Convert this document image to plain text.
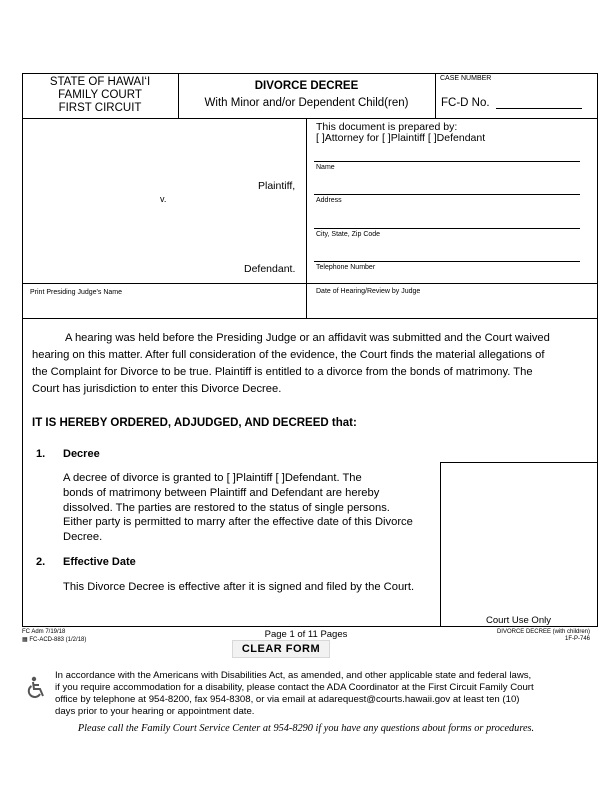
STATE OF HAWAI‘I
FAMILY COURT
FIRST CIRCUIT
DIVORCE DECREE
With Minor and/or Dependent Child(ren)
CASE NUMBER
FC-D No.
v.
Plaintiff,
Defendant.
This document is prepared by:
[ ]Attorney for [ ]Plaintiff [ ]Defendant
Name
Address
City, State, Zip Code
Telephone Number
Print Presiding Judge's Name	Date of Hearing/Review by Judge
A hearing was held before the Presiding Judge or an affidavit was submitted and the Court waived
hearing on this matter. After full consideration of the evidence, the Court finds the material allegations of
the Complaint for Divorce to be true. Plaintiff is entitled to a divorce from the bonds of matrimony. The
Court has jurisdiction to enter this Divorce Decree.
IT IS HEREBY ORDERED, ADJUDGED, AND DECREED that:
1. Decree
A decree of divorce is granted to [ ]Plaintiff [ ]Defendant. The
bonds of matrimony between Plaintiff and Defendant are hereby
dissolved. The parties are restored to the status of single persons.
Either party is permitted to marry after the effective date of this Divorce
Decree.
2. Effective Date
This Divorce Decree is effective after it is signed and filed by the Court.
Court Use Only
FC Adm 7/19/18
▦ FC-ACD-883 (1/2/18)	Page 1 of 11 Pages	DIVORCE DECREE (with children)
1F-P-746
CLEAR FORM
In accordance with the Americans with Disabilities Act, as amended, and other applicable state and federal laws,
if you require accommodation for a disability, please contact the ADA Coordinator at the First Circuit Family Court
office by telephone at 954-8200, fax 954-8308, or via email at adarequest@courts.hawaii.gov at least ten (10)
days prior to your hearing or appointment date.
Please call the Family Court Service Center at 954-8290 if you have any questions about forms or procedures.
